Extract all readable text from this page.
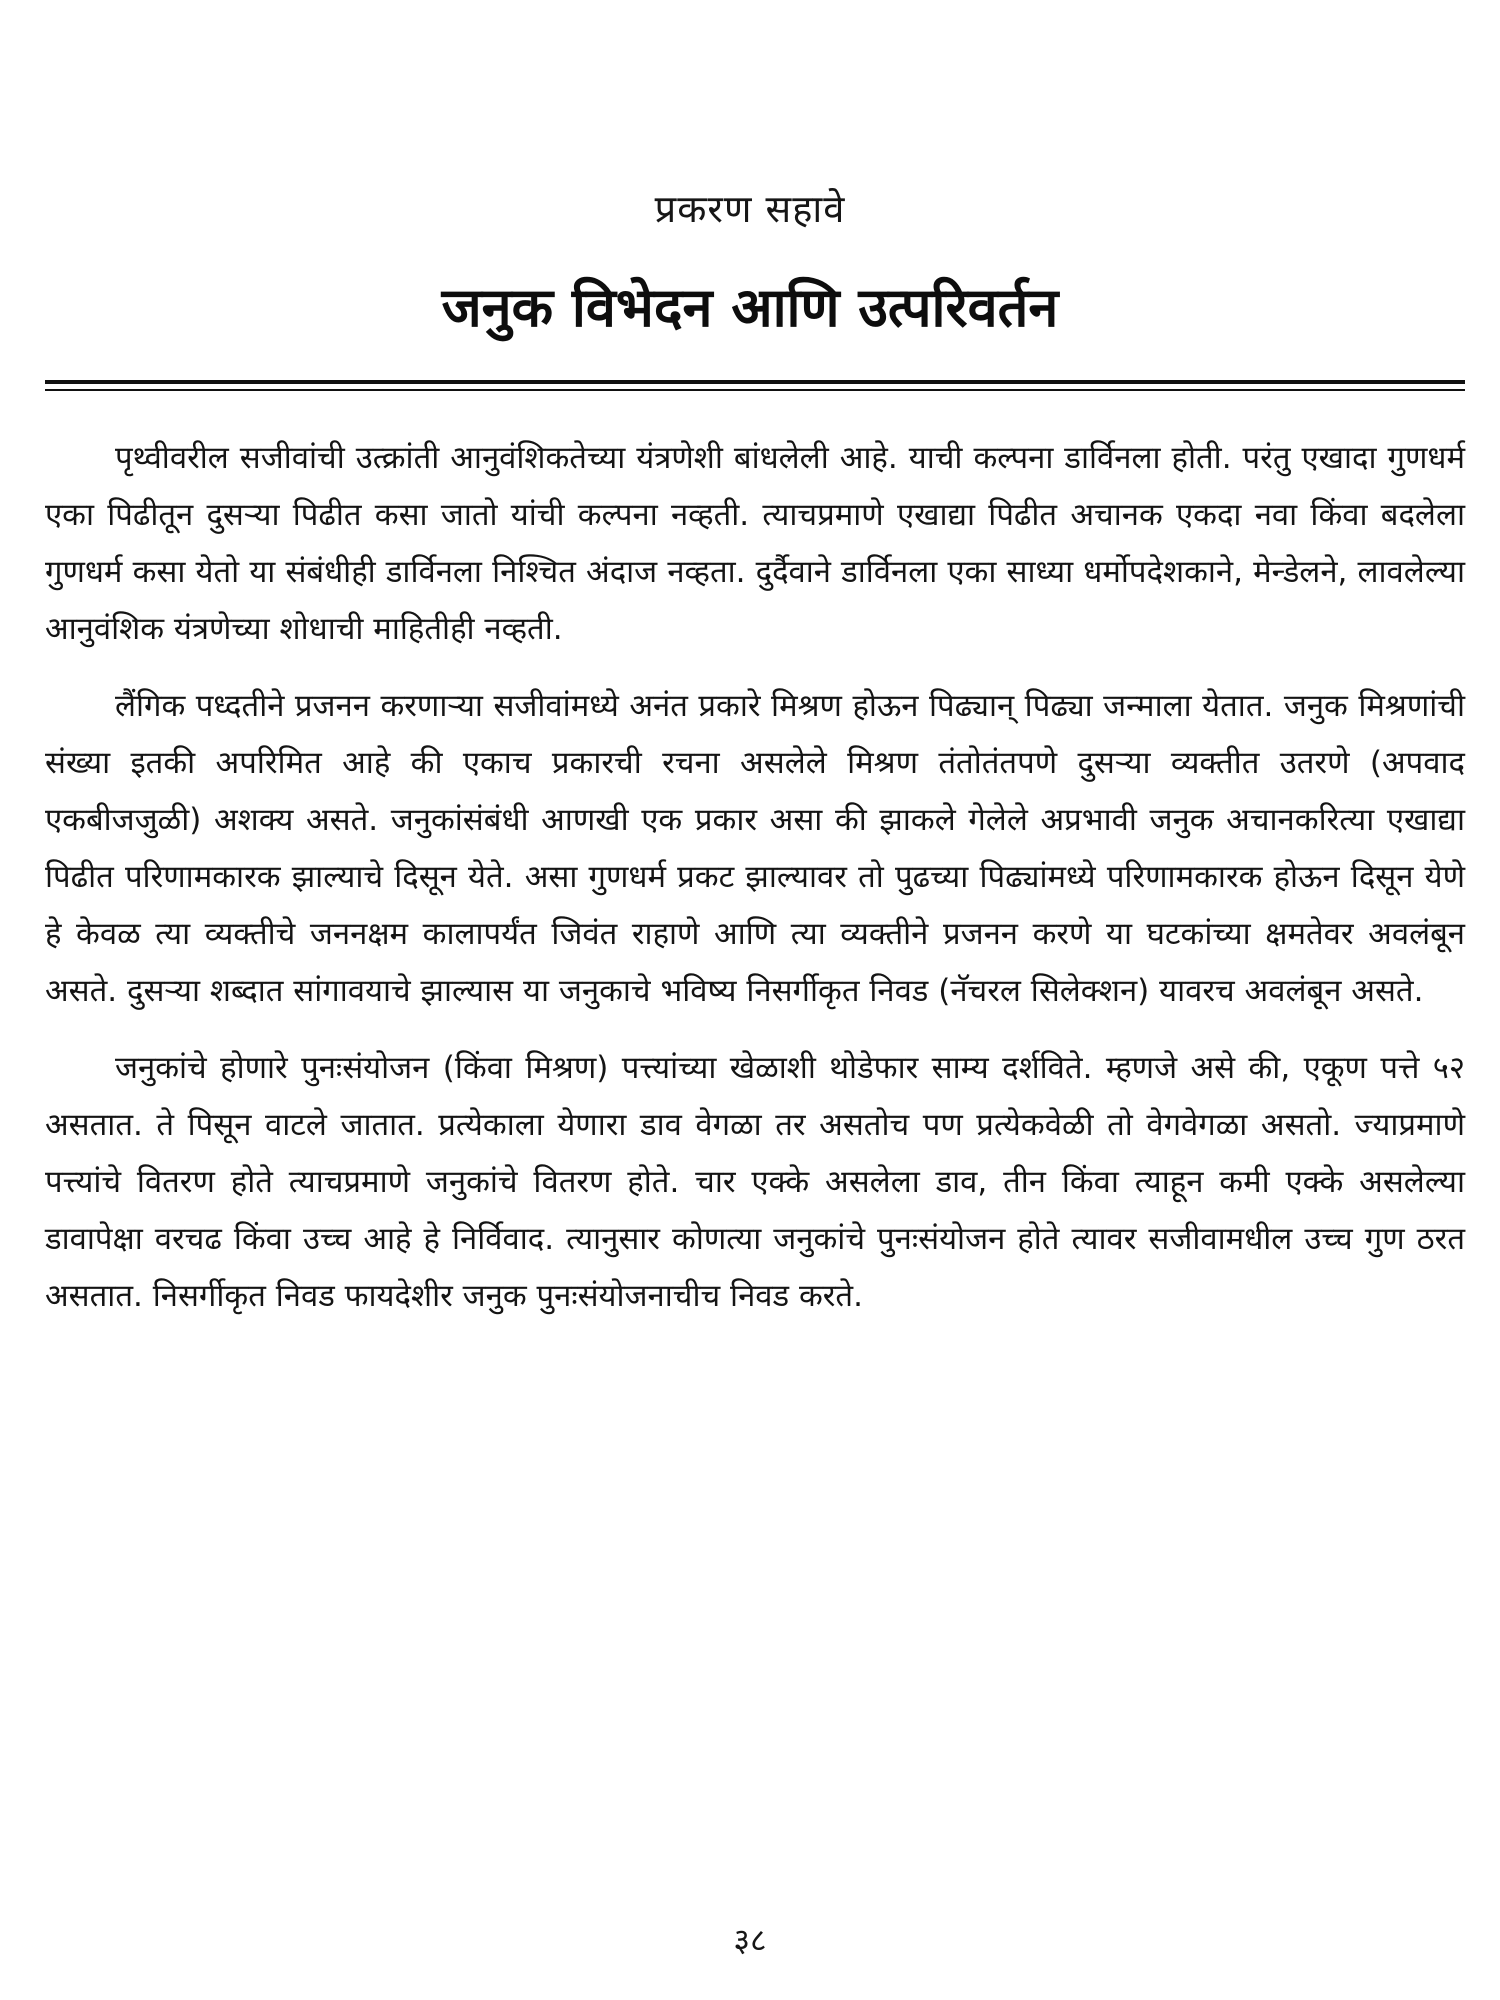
प्रकरण सहावे
जनुक विभेदन आणि उत्परिवर्तन

पृथ्वीवरील सजीवांची उत्क्रांती आनुवंशिकतेच्या यंत्रणेशी बांधलेली आहे. याची कल्पना डार्विनला होती. परंतु एखादा गुणधर्म एका पिढीतून दुसऱ्या पिढीत कसा जातो यांची कल्पना नव्हती. त्याचप्रमाणे एखाद्या पिढीत अचानक एकदा नवा किंवा बदलेला गुणधर्म कसा येतो या संबंधीही डार्विनला निश्चित अंदाज नव्हता. दुर्दैवाने डार्विनला एका साध्या धर्मोपदेशकाने, मेन्डेलने, लावलेल्या आनुवंशिक यंत्रणेच्या शोधाची माहितीही नव्हती.

लैंगिक पध्दतीने प्रजनन करणाऱ्या सजीवांमध्ये अनंत प्रकारे मिश्रण होऊन पिढ्यान् पिढ्या जन्माला येतात. जनुक मिश्रणांची संख्या इतकी अपरिमित आहे की एकाच प्रकारची रचना असलेले मिश्रण तंतोतंतपणे दुसऱ्या व्यक्तीत उतरणे (अपवाद एकबीजजुळी) अशक्य असते. जनुकांसंबंधी आणखी एक प्रकार असा की झाकले गेलेले अप्रभावी जनुक अचानकरित्या एखाद्या पिढीत परिणामकारक झाल्याचे दिसून येते. असा गुणधर्म प्रकट झाल्यावर तो पुढच्या पिढ्यांमध्ये परिणामकारक होऊन दिसून येणे हे केवळ त्या व्यक्तीचे जननक्षम कालापर्यंत जिवंत राहाणे आणि त्या व्यक्तीने प्रजनन करणे या घटकांच्या क्षमतेवर अवलंबून असते. दुसऱ्या शब्दात सांगावयाचे झाल्यास या जनुकाचे भविष्य निसर्गीकृत निवड (नॅचरल सिलेक्शन) यावरच अवलंबून असते.

जनुकांचे होणारे पुनःसंयोजन (किंवा मिश्रण) पत्त्यांच्या खेळाशी थोडेफार साम्य दर्शविते. म्हणजे असे की, एकूण पत्ते ५२ असतात. ते पिसून वाटले जातात. प्रत्येकाला येणारा डाव वेगळा तर असतोच पण प्रत्येकवेळी तो वेगवेगळा असतो. ज्याप्रमाणे पत्त्यांचे वितरण होते त्याचप्रमाणे जनुकांचे वितरण होते. चार एक्के असलेला डाव, तीन किंवा त्याहून कमी एक्के असलेल्या डावापेक्षा वरचढ किंवा उच्च आहे हे निर्विवाद. त्यानुसार कोणत्या जनुकांचे पुनःसंयोजन होते त्यावर सजीवामधील उच्च गुण ठरत असतात. निसर्गीकृत निवड फायदेशीर जनुक पुनःसंयोजनाचीच निवड करते.

३८
